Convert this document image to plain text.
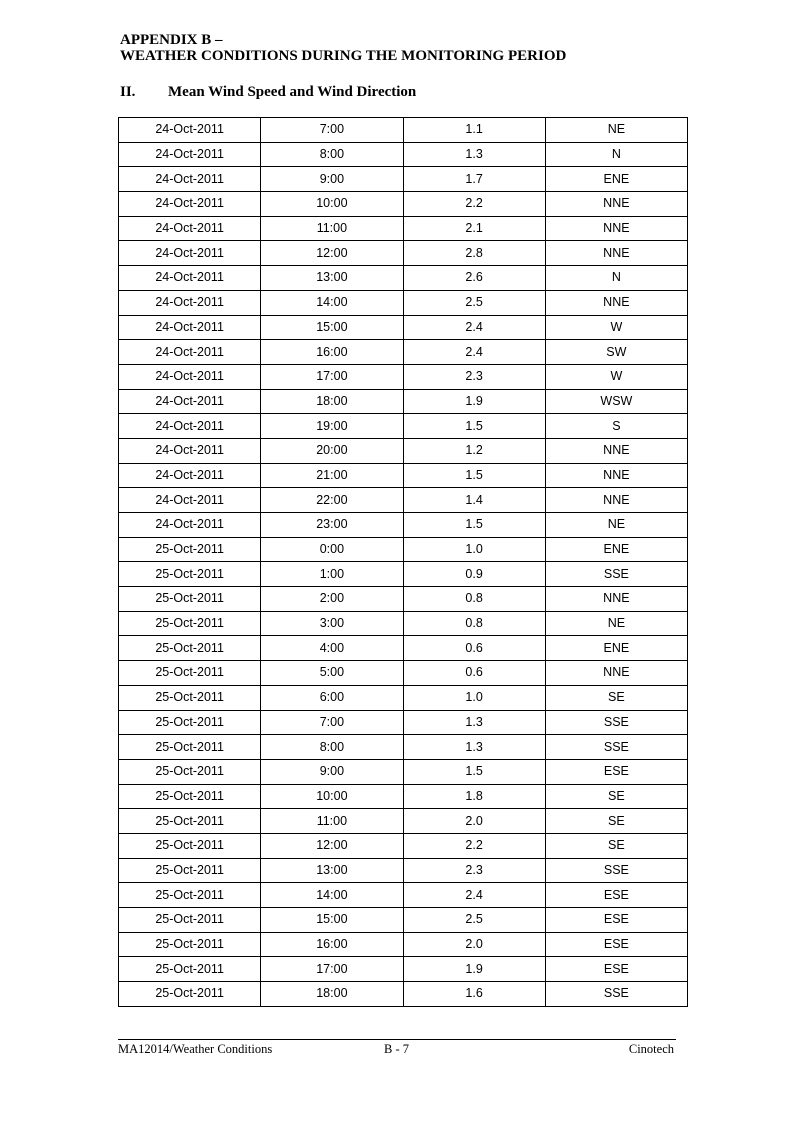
APPENDIX B –
WEATHER CONDITIONS DURING THE MONITORING PERIOD
II. Mean Wind Speed and Wind Direction
24-Oct-2011	7:00	1.1	NE
24-Oct-2011	8:00	1.3	N
24-Oct-2011	9:00	1.7	ENE
24-Oct-2011	10:00	2.2	NNE
24-Oct-2011	11:00	2.1	NNE
24-Oct-2011	12:00	2.8	NNE
24-Oct-2011	13:00	2.6	N
24-Oct-2011	14:00	2.5	NNE
24-Oct-2011	15:00	2.4	W
24-Oct-2011	16:00	2.4	SW
24-Oct-2011	17:00	2.3	W
24-Oct-2011	18:00	1.9	WSW
24-Oct-2011	19:00	1.5	S
24-Oct-2011	20:00	1.2	NNE
24-Oct-2011	21:00	1.5	NNE
24-Oct-2011	22:00	1.4	NNE
24-Oct-2011	23:00	1.5	NE
25-Oct-2011	0:00	1.0	ENE
25-Oct-2011	1:00	0.9	SSE
25-Oct-2011	2:00	0.8	NNE
25-Oct-2011	3:00	0.8	NE
25-Oct-2011	4:00	0.6	ENE
25-Oct-2011	5:00	0.6	NNE
25-Oct-2011	6:00	1.0	SE
25-Oct-2011	7:00	1.3	SSE
25-Oct-2011	8:00	1.3	SSE
25-Oct-2011	9:00	1.5	ESE
25-Oct-2011	10:00	1.8	SE
25-Oct-2011	11:00	2.0	SE
25-Oct-2011	12:00	2.2	SE
25-Oct-2011	13:00	2.3	SSE
25-Oct-2011	14:00	2.4	ESE
25-Oct-2011	15:00	2.5	ESE
25-Oct-2011	16:00	2.0	ESE
25-Oct-2011	17:00	1.9	ESE
25-Oct-2011	18:00	1.6	SSE
MA12014/Weather Conditions	B - 7	Cinotech
